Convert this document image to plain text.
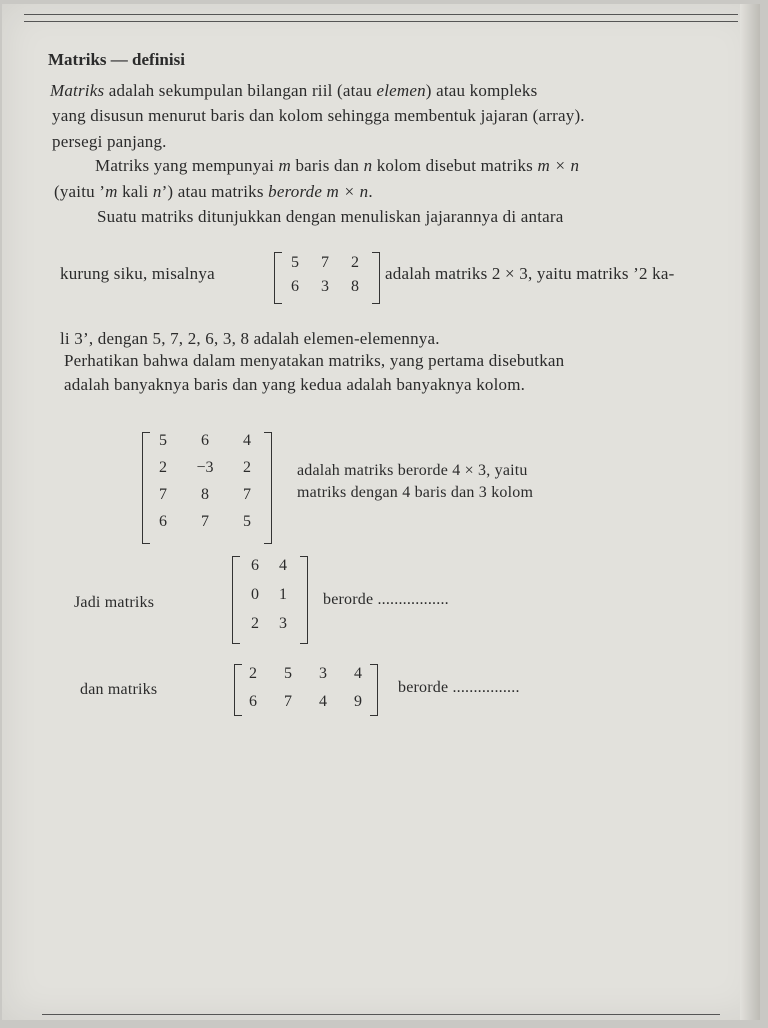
Matriks — definisi
Matriks adalah sekumpulan bilangan riil (atau elemen) atau kompleks
yang disusun menurut baris dan kolom sehingga membentuk jajaran (array).
persegi panjang.
Matriks yang mempunyai m baris dan n kolom disebut matriks m × n
(yaitu ’m kali n’) atau matriks berorde m × n.
Suatu matriks ditunjukkan dengan menuliskan jajarannya di antara
kurung siku, misalnya
5	7	2
6	3	8
adalah matriks 2 × 3, yaitu matriks ’2 ka-
li 3’, dengan 5, 7, 2, 6, 3, 8 adalah elemen-elemennya.
Perhatikan bahwa dalam menyatakan matriks, yang pertama disebutkan
adalah banyaknya baris dan yang kedua adalah banyaknya kolom.
5	6	4
2	−3	2
7	8	7
6	7	5
adalah matriks berorde 4 × 3, yaitu
matriks dengan 4 baris dan 3 kolom
Jadi matriks
6	4
0	1
2	3
berorde .................
dan matriks
2	5	3	4
6	7	4	9
berorde ................
